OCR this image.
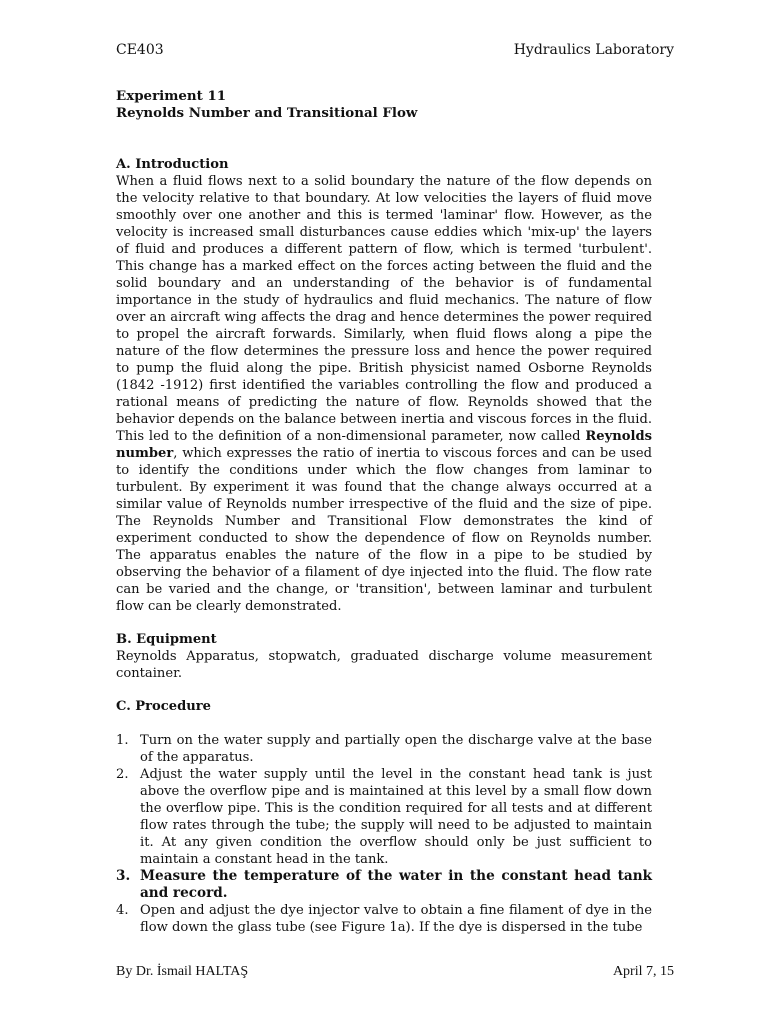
CE403	Hydraulics Laboratory
Experiment 11
Reynolds Number and Transitional Flow
A. Introduction

When a fluid flows next to a solid boundary the nature of the flow depends on the velocity relative to that boundary. At low velocities the layers of fluid move smoothly over one another and this is termed 'laminar' flow. However, as the velocity is increased small disturbances cause eddies which 'mix-up' the layers of fluid and produces a different pattern of flow, which is termed 'turbulent'. This change has a marked effect on the forces acting between the fluid and the solid boundary and an understanding of the behavior is of fundamental importance in the study of hydraulics and fluid mechanics. The nature of flow over an aircraft wing affects the drag and hence determines the power required to propel the aircraft forwards. Similarly, when fluid flows along a pipe the nature of the flow determines the pressure loss and hence the power required to pump the fluid along the pipe. British physicist named Osborne Reynolds (1842 -1912) first identified the variables controlling the flow and produced a rational means of predicting the nature of flow. Reynolds showed that the behavior depends on the balance between inertia and viscous forces in the fluid. This led to the definition of a non-dimensional parameter, now called Reynolds number, which expresses the ratio of inertia to viscous forces and can be used to identify the conditions under which the flow changes from laminar to turbulent. By experiment it was found that the change always occurred at a similar value of Reynolds number irrespective of the fluid and the size of pipe. The Reynolds Number and Transitional Flow demonstrates the kind of experiment conducted to show the dependence of flow on Reynolds number. The apparatus enables the nature of the flow in a pipe to be studied by observing the behavior of a filament of dye injected into the fluid. The flow rate can be varied and the change, or 'transition', between laminar and turbulent flow can be clearly demonstrated.

B. Equipment

Reynolds Apparatus, stopwatch, graduated discharge volume measurement container.

C. Procedure
1. Turn on the water supply and partially open the discharge valve at the base of the apparatus.
2. Adjust the water supply until the level in the constant head tank is just above the overflow pipe and is maintained at this level by a small flow down the overflow pipe. This is the condition required for all tests and at different flow rates through the tube; the supply will need to be adjusted to maintain it. At any given condition the overflow should only be just sufficient to maintain a constant head in the tank.
3. Measure the temperature of the water in the constant head tank and record.
4. Open and adjust the dye injector valve to obtain a fine filament of dye in the flow down the glass tube (see Figure 1a). If the dye is dispersed in the tube
By Dr. İsmail HALTAŞ	April 7, 15
